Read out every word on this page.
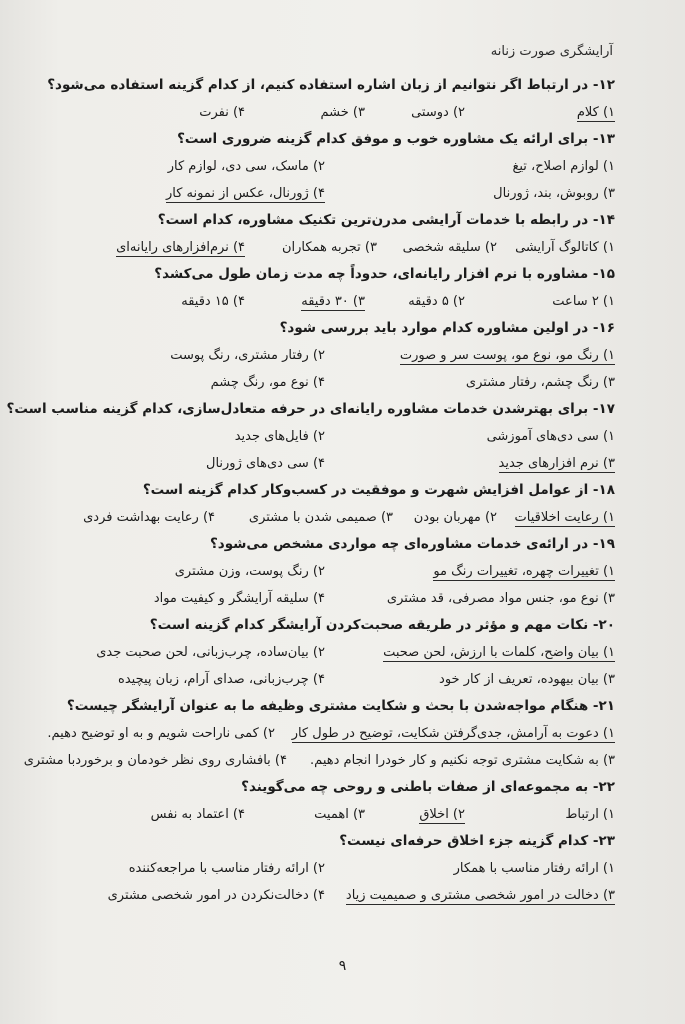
آرایشگری صورت زنانه
۱۲- در ارتباط اگر نتوانیم از زبان اشاره استفاده کنیم، از کدام گزینه استفاده می‌شود؟
۱) کلام
۲) دوستی
۳) خشم
۴) نفرت
۱۳- برای ارائه یک مشاوره خوب و موفق کدام گزینه ضروری است؟
۱) لوازم اصلاح، تیغ
۲) ماسک، سی دی، لوازم کار
۳) روبوش، بند، ژورنال
۴) ژورنال، عکس از نمونه کار
۱۴- در رابطه با خدمات آرایشی مدرن‌ترین تکنیک مشاوره، کدام است؟
۱) کاتالوگ آرایشی
۲) سلیقه شخصی
۳) تجربه همکاران
۴) نرم‌افزارهای رایانه‌ای
۱۵- مشاوره با نرم افزار رایانه‌ای، حدوداً چه مدت زمان طول می‌کشد؟
۱) ۲ ساعت
۲) ۵ دقیقه
۳) ۳۰ دقیقه
۴) ۱۵ دقیقه
۱۶- در اولین مشاوره کدام موارد باید بررسی شود؟
۱) رنگ مو، نوع مو، پوست سر و صورت
۲) رفتار مشتری، رنگ پوست
۳) رنگ چشم، رفتار مشتری
۴) نوع مو، رنگ چشم
۱۷- برای بهترشدن خدمات مشاوره رایانه‌ای در حرفه متعادل‌سازی، کدام گزینه مناسب است؟
۱) سی دی‌های آموزشی
۲) فایل‌های جدید
۳) نرم افزارهای جدید
۴) سی دی‌های ژورنال
۱۸- از عوامل افزایش شهرت و موفقیت در کسب‌وکار کدام گزینه است؟
۱) رعایت اخلاقیات
۲) مهربان بودن
۳) صمیمی شدن با مشتری
۴) رعایت بهداشت فردی
۱۹- در ارائه‌ی خدمات مشاوره‌ای چه مواردی مشخص می‌شود؟
۱) تغییرات چهره، تغییرات رنگ مو
۲) رنگ پوست، وزن مشتری
۳) نوع مو، جنس مواد مصرفی، قد مشتری
۴) سلیقه آرایشگر و کیفیت مواد
۲۰- نکات مهم و مؤثر در طریقه صحبت‌کردن آرایشگر کدام گزینه است؟
۱) بیان واضح، کلمات با ارزش، لحن صحبت
۲) بیان‌ساده، چرب‌زبانی، لحن صحبت جدی
۳) بیان بیهوده، تعریف از کار خود
۴) چرب‌زبانی، صدای آرام، زبان پیچیده
۲۱- هنگام مواجه‌شدن با بحث و شکایت مشتری وظیفه ما به عنوان آرایشگر چیست؟
۱) دعوت به آرامش، جدی‌گرفتن شکایت، توضیح در طول کار
۲) کمی ناراحت شویم و به او توضیح دهیم.
۳) به شکایت مشتری توجه نکنیم و کار خودرا انجام دهیم.
۴) بافشاری روی نظر خودمان و برخوردبا مشتری
۲۲- به مجموعه‌ای از صفات باطنی و روحی چه می‌گویند؟
۱) ارتباط
۲) اخلاق
۳) اهمیت
۴) اعتماد به نفس
۲۳- کدام گزینه جزء اخلاق حرفه‌ای نیست؟
۱) ارائه رفتار مناسب با همکار
۲) ارائه رفتار مناسب با مراجعه‌کننده
۳) دخالت در امور شخصی مشتری و صمیمیت زیاد
۴) دخالت‌نکردن در امور شخصی مشتری
۹
